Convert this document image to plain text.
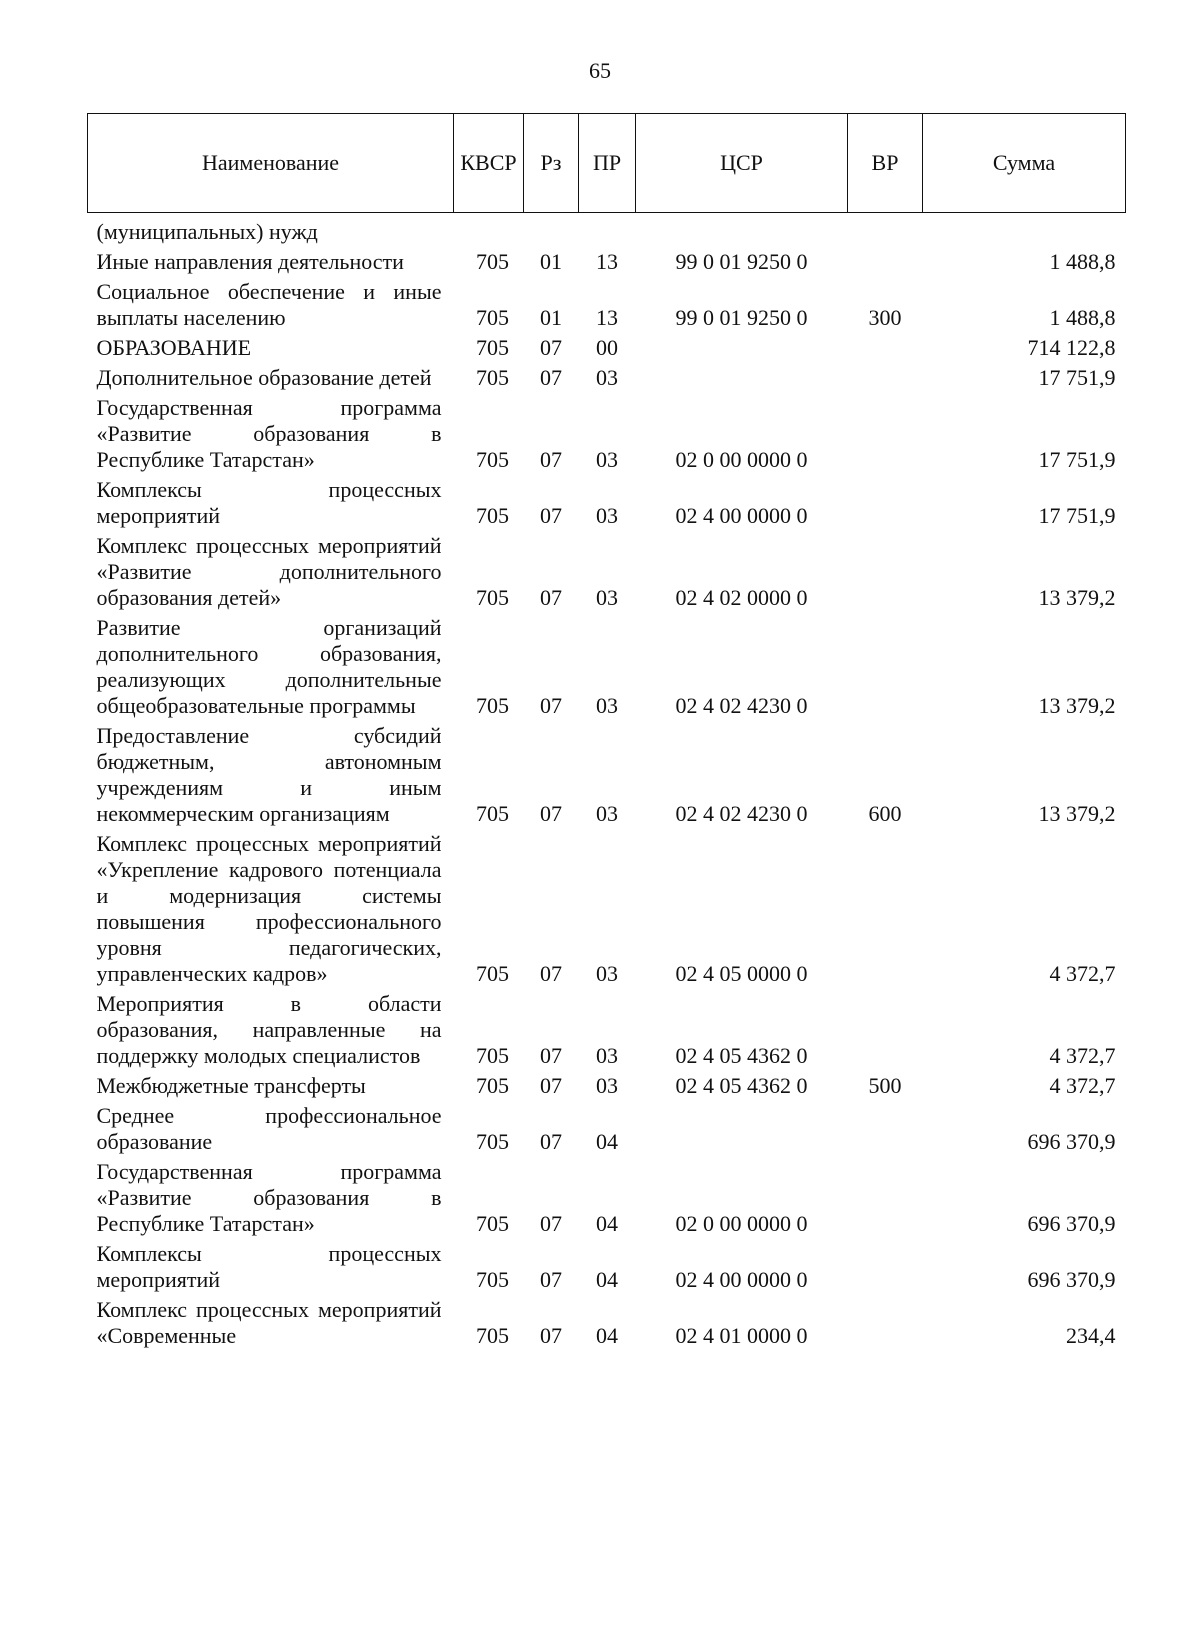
65
Наименование	КВСР	Рз	ПР	ЦСР	ВР	Сумма
(муниципальных) нужд						
Иные направления деятельности	705	01	13	99 0 01 9250 0		1 488,8
Социальное обеспечение и иные выплаты населению	705	01	13	99 0 01 9250 0	300	1 488,8
ОБРАЗОВАНИЕ	705	07	00			714 122,8
Дополнительное образование детей	705	07	03			17 751,9
Государственная программа «Развитие образования в Республике Татарстан»	705	07	03	02 0 00 0000 0		17 751,9
Комплексы процессных мероприятий	705	07	03	02 4 00 0000 0		17 751,9
Комплекс процессных мероприятий «Развитие дополнительного образования детей»	705	07	03	02 4 02 0000 0		13 379,2
Развитие организаций дополнительного образования, реализующих дополнительные общеобразовательные программы	705	07	03	02 4 02 4230 0		13 379,2
Предоставление субсидий бюджетным, автономным учреждениям и иным некоммерческим организациям	705	07	03	02 4 02 4230 0	600	13 379,2
Комплекс процессных мероприятий «Укрепление кадрового потенциала и модернизация системы повышения профессионального уровня педагогических, управленческих кадров»	705	07	03	02 4 05 0000 0		4 372,7
Мероприятия в области образования, направленные на поддержку молодых специалистов	705	07	03	02 4 05 4362 0		4 372,7
Межбюджетные трансферты	705	07	03	02 4 05 4362 0	500	4 372,7
Среднее профессиональное образование	705	07	04			696 370,9
Государственная программа «Развитие образования в Республике Татарстан»	705	07	04	02 0 00 0000 0		696 370,9
Комплексы процессных мероприятий	705	07	04	02 4 00 0000 0		696 370,9
Комплекс процессных мероприятий «Современные	705	07	04	02 4 01 0000 0		234,4
